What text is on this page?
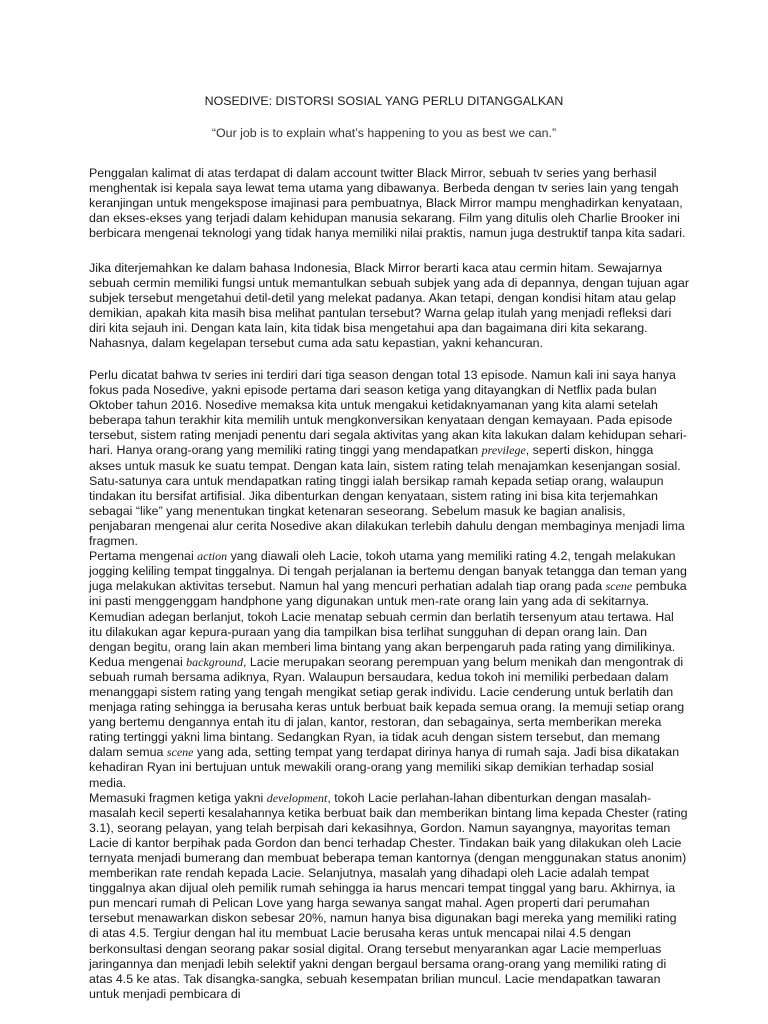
NOSEDIVE: DISTORSI SOSIAL YANG PERLU DITANGGALKAN
“Our job is to explain what’s happening to you as best we can.”

Penggalan kalimat di atas terdapat di dalam account twitter Black Mirror, sebuah tv series yang berhasil menghentak isi kepala saya lewat tema utama yang dibawanya. Berbeda dengan tv series lain yang tengah keranjingan untuk mengekspose imajinasi para pembuatnya, Black Mirror mampu menghadirkan kenyataan, dan ekses-ekses yang terjadi dalam kehidupan manusia sekarang. Film yang ditulis oleh Charlie Brooker ini berbicara mengenai teknologi yang tidak hanya memiliki nilai praktis, namun juga destruktif tanpa kita sadari.

Jika diterjemahkan ke dalam bahasa Indonesia, Black Mirror berarti kaca atau cermin hitam. Sewajarnya sebuah cermin memiliki fungsi untuk memantulkan sebuah subjek yang ada di depannya, dengan tujuan agar subjek tersebut mengetahui detil-detil yang melekat padanya. Akan tetapi, dengan kondisi hitam atau gelap demikian, apakah kita masih bisa melihat pantulan tersebut? Warna gelap itulah yang menjadi refleksi dari diri kita sejauh ini. Dengan kata lain, kita tidak bisa mengetahui apa dan bagaimana diri kita sekarang. Nahasnya, dalam kegelapan tersebut cuma ada satu kepastian, yakni kehancuran.

Perlu dicatat bahwa tv series ini terdiri dari tiga season dengan total 13 episode. Namun kali ini saya hanya fokus pada Nosedive, yakni episode pertama dari season ketiga yang ditayangkan di Netflix pada bulan Oktober tahun 2016. Nosedive memaksa kita untuk mengakui ketidaknyamanan yang kita alami setelah beberapa tahun terakhir kita memilih untuk mengkonversikan kenyataan dengan kemayaan. Pada episode tersebut, sistem rating menjadi penentu dari segala aktivitas yang akan kita lakukan dalam kehidupan sehari-hari. Hanya orang-orang yang memiliki rating tinggi yang mendapatkan previlege, seperti diskon, hingga akses untuk masuk ke suatu tempat. Dengan kata lain, sistem rating telah menajamkan kesenjangan sosial. Satu-satunya cara untuk mendapatkan rating tinggi ialah bersikap ramah kepada setiap orang, walaupun tindakan itu bersifat artifisial. Jika dibenturkan dengan kenyataan, sistem rating ini bisa kita terjemahkan sebagai “like” yang menentukan tingkat ketenaran seseorang. Sebelum masuk ke bagian analisis, penjabaran mengenai alur cerita Nosedive akan dilakukan terlebih dahulu dengan membaginya menjadi lima fragmen.

Pertama mengenai action yang diawali oleh Lacie, tokoh utama yang memiliki rating 4.2, tengah melakukan jogging keliling tempat tinggalnya. Di tengah perjalanan ia bertemu dengan banyak tetangga dan teman yang juga melakukan aktivitas tersebut. Namun hal yang mencuri perhatian adalah tiap orang pada scene pembuka ini pasti menggenggam handphone yang digunakan untuk men-rate orang lain yang ada di sekitarnya. Kemudian adegan berlanjut, tokoh Lacie menatap sebuah cermin dan berlatih tersenyum atau tertawa. Hal itu dilakukan agar kepura-puraan yang dia tampilkan bisa terlihat sungguhan di depan orang lain. Dan dengan begitu, orang lain akan memberi lima bintang yang akan berpengaruh pada rating yang dimilikinya.

Kedua mengenai background, Lacie merupakan seorang perempuan yang belum menikah dan mengontrak di sebuah rumah bersama adiknya, Ryan. Walaupun bersaudara, kedua tokoh ini memiliki perbedaan dalam menanggapi sistem rating yang tengah mengikat setiap gerak individu. Lacie cenderung untuk berlatih dan menjaga rating sehingga ia berusaha keras untuk berbuat baik kepada semua orang. Ia memuji setiap orang yang bertemu dengannya entah itu di jalan, kantor, restoran, dan sebagainya, serta memberikan mereka rating tertinggi yakni lima bintang. Sedangkan Ryan, ia tidak acuh dengan sistem tersebut, dan memang dalam semua scene yang ada, setting tempat yang terdapat dirinya hanya di rumah saja. Jadi bisa dikatakan kehadiran Ryan ini bertujuan untuk mewakili orang-orang yang memiliki sikap demikian terhadap sosial media.

Memasuki fragmen ketiga yakni development, tokoh Lacie perlahan-lahan dibenturkan dengan masalah-masalah kecil seperti kesalahannya ketika berbuat baik dan memberikan bintang lima kepada Chester (rating 3.1), seorang pelayan, yang telah berpisah dari kekasihnya, Gordon. Namun sayangnya, mayoritas teman Lacie di kantor berpihak pada Gordon dan benci terhadap Chester. Tindakan baik yang dilakukan oleh Lacie ternyata menjadi bumerang dan membuat beberapa teman kantornya (dengan menggunakan status anonim) memberikan rate rendah kepada Lacie. Selanjutnya, masalah yang dihadapi oleh Lacie adalah tempat tinggalnya akan dijual oleh pemilik rumah sehingga ia harus mencari tempat tinggal yang baru. Akhirnya, ia pun mencari rumah di Pelican Love yang harga sewanya sangat mahal. Agen properti dari perumahan tersebut menawarkan diskon sebesar 20%, namun hanya bisa digunakan bagi mereka yang memiliki rating di atas 4.5. Tergiur dengan hal itu membuat Lacie berusaha keras untuk mencapai nilai 4.5 dengan berkonsultasi dengan seorang pakar sosial digital. Orang tersebut menyarankan agar Lacie memperluas jaringannya dan menjadi lebih selektif yakni dengan bergaul bersama orang-orang yang memiliki rating di atas 4.5 ke atas. Tak disangka-sangka, sebuah kesempatan brilian muncul. Lacie mendapatkan tawaran untuk menjadi pembicara di
